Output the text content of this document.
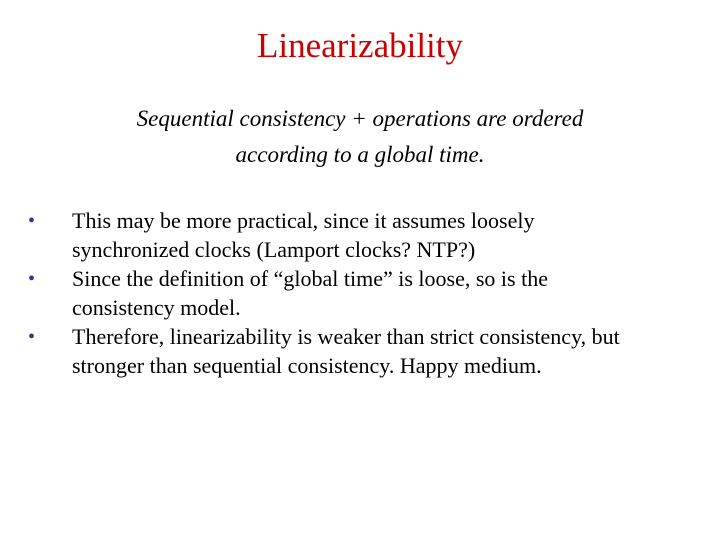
Linearizability
Sequential consistency + operations are ordered
according to a global time.
•	This may be more practical, since it assumes loosely
synchronized clocks (Lamport clocks? NTP?)
•	Since the definition of “global time” is loose, so is the
consistency model.
•	Therefore, linearizability is weaker than strict consistency, but
stronger than sequential consistency. Happy medium.
